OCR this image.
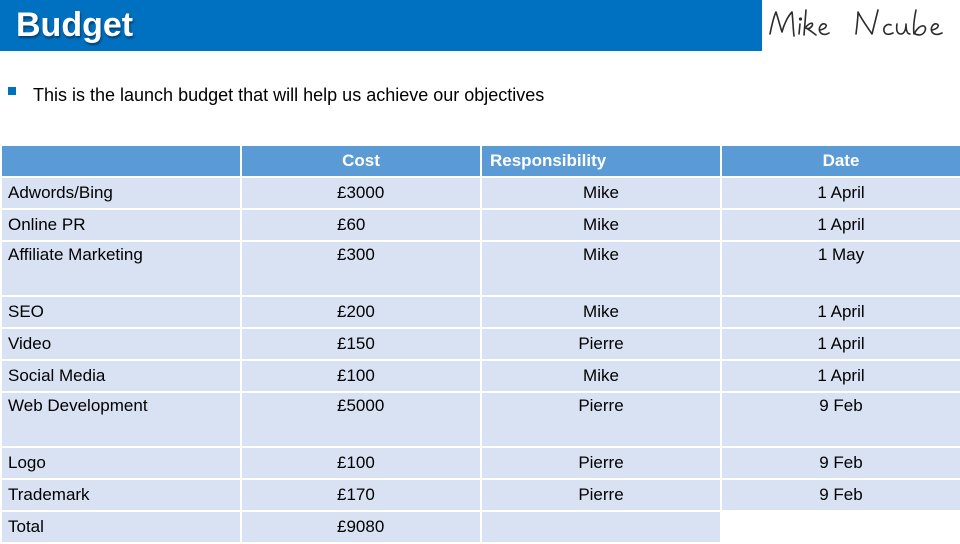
Budget
This is the launch budget that will help us achieve our objectives
	Cost	Responsibility	Date
Adwords/Bing	£3000	Mike	1 April
Online PR	£60	Mike	1 April
Affiliate Marketing	£300	Mike	1 May
SEO	£200	Mike	1 April
Video	£150	Pierre	1 April
Social Media	£100	Mike	1 April
Web Development	£5000	Pierre	9 Feb
Logo	£100	Pierre	9 Feb
Trademark	£170	Pierre	9 Feb
Total	£9080		
